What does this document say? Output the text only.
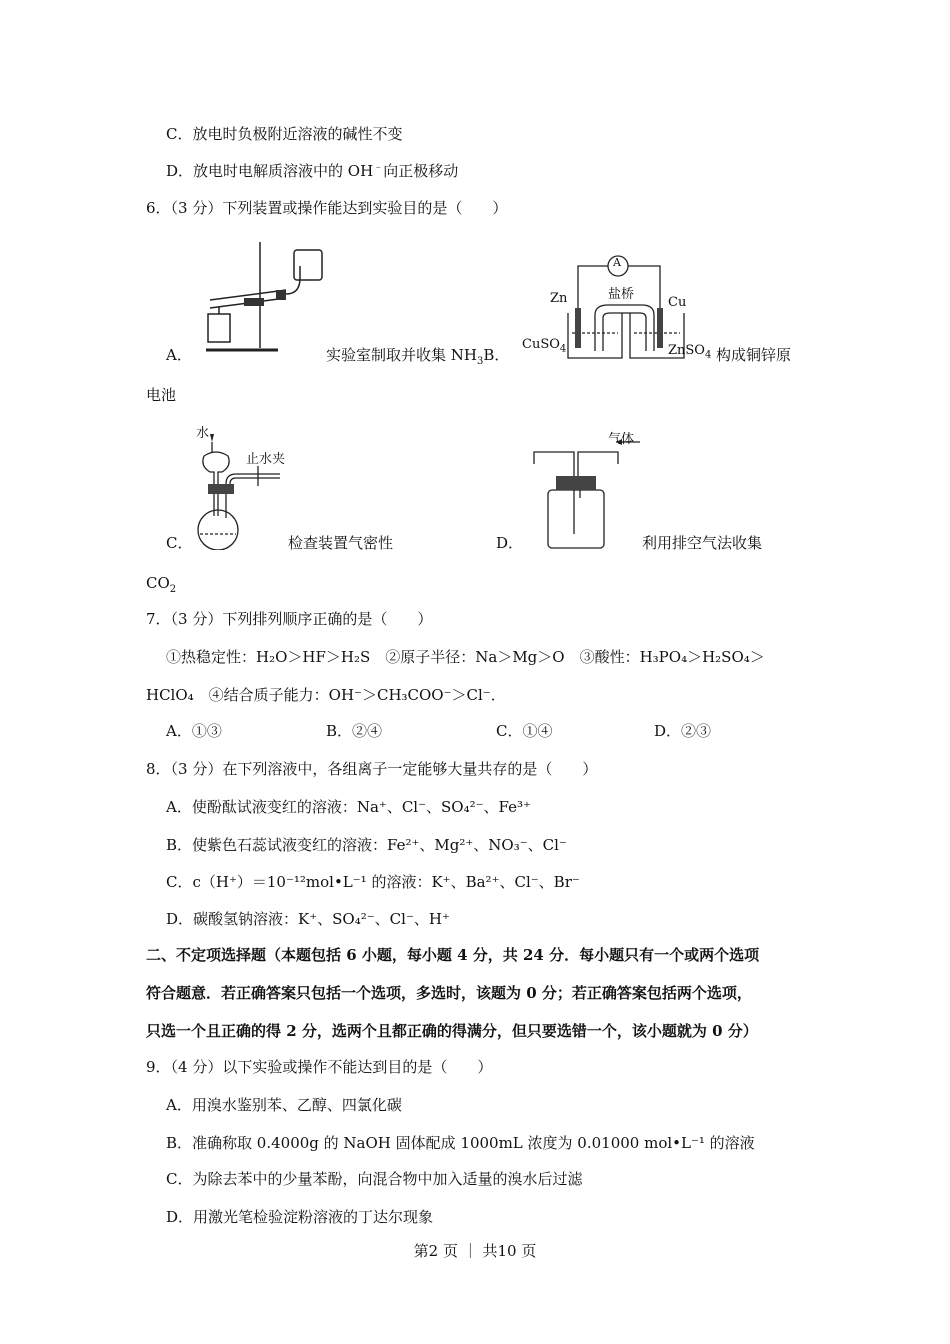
C．放电时负极附近溶液的碱性不变
D．放电时电解质溶液中的 OH﹣向正极移动
6．（3 分）下列装置或操作能达到实验目的是（　　）
A．	实验室制取并收集 $NH_3B$．
A
Zn	Cu
盐桥
CuSO$_4$	ZnSO$_4$ 构成铜锌原
电池
水
止水夹
C．	检查装置气密性
气体
D．	利用排空气法收集
$CO_2$
7．（3 分）下列排列顺序正确的是（　　）
①热稳定性：H₂O＞HF＞H₂S　②原子半径：Na＞Mg＞O　③酸性：H₃PO₄＞H₂SO₄＞
HClO₄　④结合质子能力：OH⁻＞CH₃COO⁻＞Cl⁻．
A．①③	B．②④	C．①④	D．②③
8．（3 分）在下列溶液中，各组离子一定能够大量共存的是（　　）
A．使酚酞试液变红的溶液：Na⁺、Cl⁻、SO₄²⁻、Fe³⁺
B．使紫色石蕊试液变红的溶液：Fe²⁺、Mg²⁺、NO₃⁻、Cl⁻
C．c（H⁺）＝10⁻¹²mol•L⁻¹ 的溶液：K⁺、Ba²⁺、Cl⁻、Br⁻
D．碳酸氢钠溶液：K⁺、SO₄²⁻、Cl⁻、H⁺
二、不定项选择题（本题包括 6 小题，每小题 4 分，共 24 分．每小题只有一个或两个选项
符合题意．若正确答案只包括一个选项，多选时，该题为 0 分；若正确答案包括两个选项，
只选一个且正确的得 2 分，选两个且都正确的得满分，但只要选错一个，该小题就为 0 分）
9．（4 分）以下实验或操作不能达到目的是（　　）
A．用溴水鉴别苯、乙醇、四氯化碳
B．准确称取 0.4000g 的 NaOH 固体配成 1000mL 浓度为 0.01000 mol•L⁻¹ 的溶液
C．为除去苯中的少量苯酚，向混合物中加入适量的溴水后过滤
D．用激光笔检验淀粉溶液的丁达尔现象
第2 页 ｜ 共10 页
